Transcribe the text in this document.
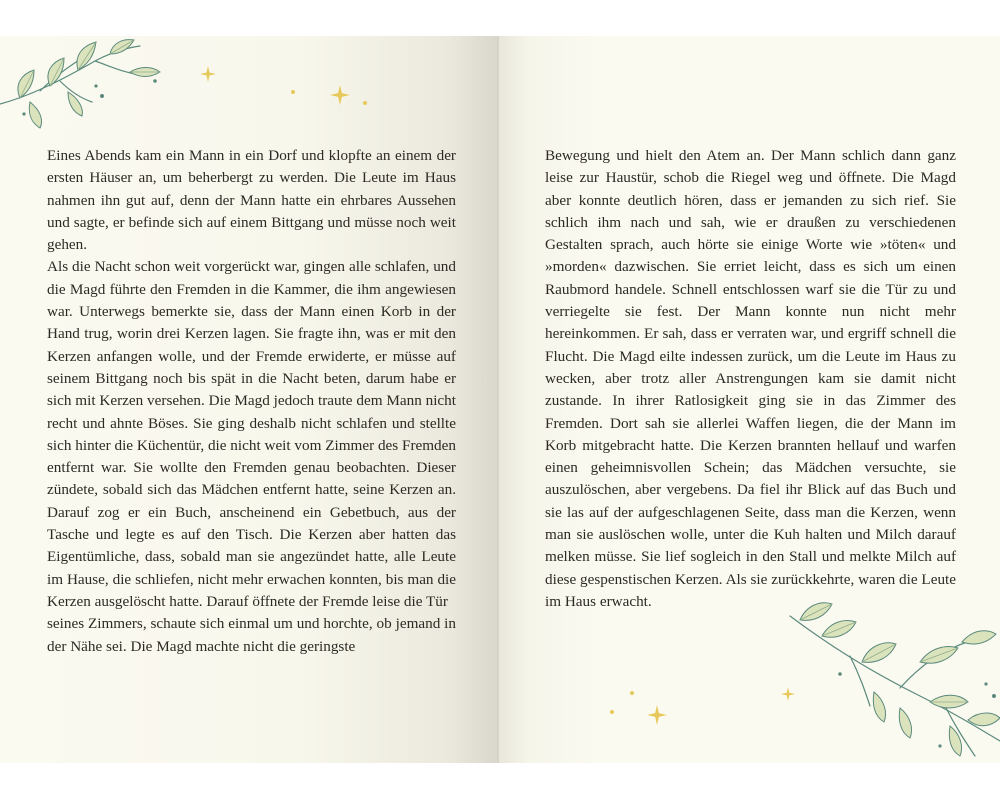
Eines Abends kam ein Mann in ein Dorf und klopfte an einem der ersten Häuser an, um beherbergt zu werden. Die Leute im Haus nahmen ihn gut auf, denn der Mann hatte ein ehrbares Aussehen und sagte, er befinde sich auf einem Bittgang und müsse noch weit gehen.

Als die Nacht schon weit vorgerückt war, gingen alle schlafen, und die Magd führte den Fremden in die Kammer, die ihm angewiesen war. Unterwegs bemerkte sie, dass der Mann einen Korb in der Hand trug, worin drei Kerzen lagen. Sie fragte ihn, was er mit den Kerzen anfangen wolle, und der Fremde erwiderte, er müsse auf seinem Bittgang noch bis spät in die Nacht beten, darum habe er sich mit Kerzen versehen. Die Magd jedoch traute dem Mann nicht recht und ahnte Böses. Sie ging deshalb nicht schlafen und stellte sich hinter die Küchentür, die nicht weit vom Zimmer des Fremden entfernt war. Sie wollte den Fremden genau beobachten. Dieser zündete, sobald sich das Mädchen entfernt hatte, seine Kerzen an. Darauf zog er ein Buch, anscheinend ein Gebetbuch, aus der Tasche und legte es auf den Tisch. Die Kerzen aber hatten das Eigentümliche, dass, sobald man sie angezündet hatte, alle Leute im Hause, die schliefen, nicht mehr erwachen konnten, bis man die Kerzen ausgelöscht hatte. Darauf öffnete der Fremde leise die Tür

seines Zimmers, schaute sich einmal um und horchte, ob jemand in der Nähe sei. Die Magd machte nicht die geringste

Bewegung und hielt den Atem an. Der Mann schlich dann ganz leise zur Haustür, schob die Riegel weg und öffnete. Die Magd aber konnte deutlich hören, dass er jemanden zu sich rief. Sie schlich ihm nach und sah, wie er draußen zu verschiedenen Gestalten sprach, auch hörte sie einige Worte wie »töten« und »morden« dazwischen. Sie erriet leicht, dass es sich um einen Raubmord handele. Schnell entschlossen warf sie die Tür zu und verriegelte sie fest. Der Mann konnte nun nicht mehr hereinkommen. Er sah, dass er verraten war, und ergriff schnell die Flucht. Die Magd eilte indessen zurück, um die Leute im Haus zu wecken, aber trotz aller Anstrengungen kam sie damit nicht zustande. In ihrer Ratlosigkeit ging sie in das Zimmer des Fremden. Dort sah sie allerlei Waffen liegen, die der Mann im Korb mitgebracht hatte. Die Kerzen brannten hellauf und warfen einen geheimnisvollen Schein; das Mädchen versuchte, sie auszulöschen, aber vergebens. Da fiel ihr Blick auf das Buch und sie las auf der aufgeschlagenen Seite, dass man die Kerzen, wenn man sie auslöschen wolle, unter die Kuh halten und Milch darauf melken müsse. Sie lief sogleich in den Stall und melkte Milch auf diese gespenstischen Kerzen. Als sie zurückkehrte, waren die Leute im Haus erwacht.
